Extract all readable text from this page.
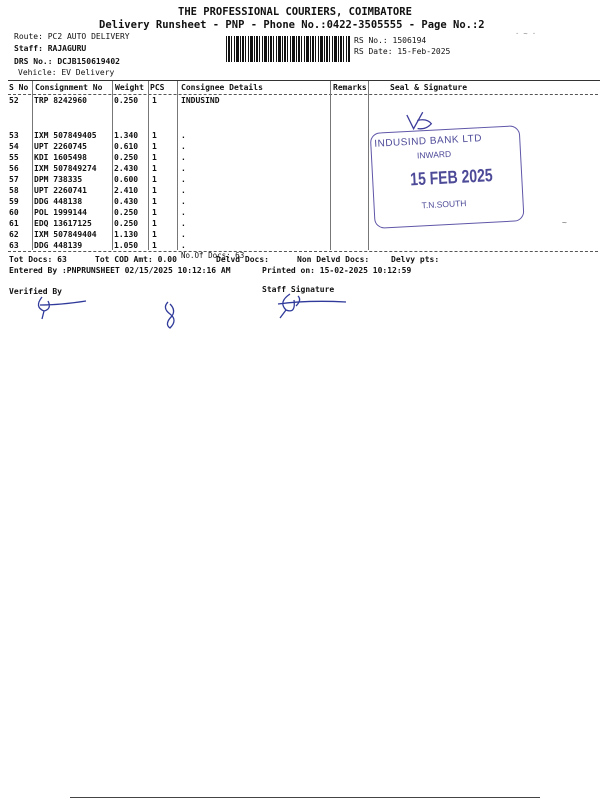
THE PROFESSIONAL COURIERS, COIMBATORE
Delivery Runsheet - PNP - Phone No.:0422-3505555 - Page No.:2
Route: PC2 AUTO DELIVERY
Staff: RAJAGURU
DRS No.: DCJB150619402
Vehicle: EV Delivery
RS No.: 1506194
RS Date: 15-Feb-2025
· ~ ·
S No Consignment No Weight PCS Consignee Details	Remarks	Seal & Signature
52 TRP 8242960	0.250 1	INDUSIND
53 IXM 507849405 1.340 1	.
54 UPT 2260745	0.610 1	.
55 KDI 1605498	0.250 1	.
56 IXM 507849274 2.430 1	.
57 DPM 738335	0.600 1	.
58 UPT 2260741	2.410 1	.
59 DDG 448138	0.430 1	.
60 POL 1999144	0.250 1	.
61 EDQ 13617125	0.250 1	.
62 IXM 507849404 1.130 1	.
63 DDG 448139	1.050 1	.
No.Of Docs: 63
INDUSIND BANK LTD
INWARD
15 FEB 2025
T.N.SOUTH
~
Tot Docs: 63	Tot COD Amt: 0.00	Delvd Docs:	Non Delvd Docs:	Delvy pts:
Entered By :PNPRUNSHEET 02/15/2025 10:12:16 AM	Printed on: 15-02-2025 10:12:59
Verified By	Staff Signature
